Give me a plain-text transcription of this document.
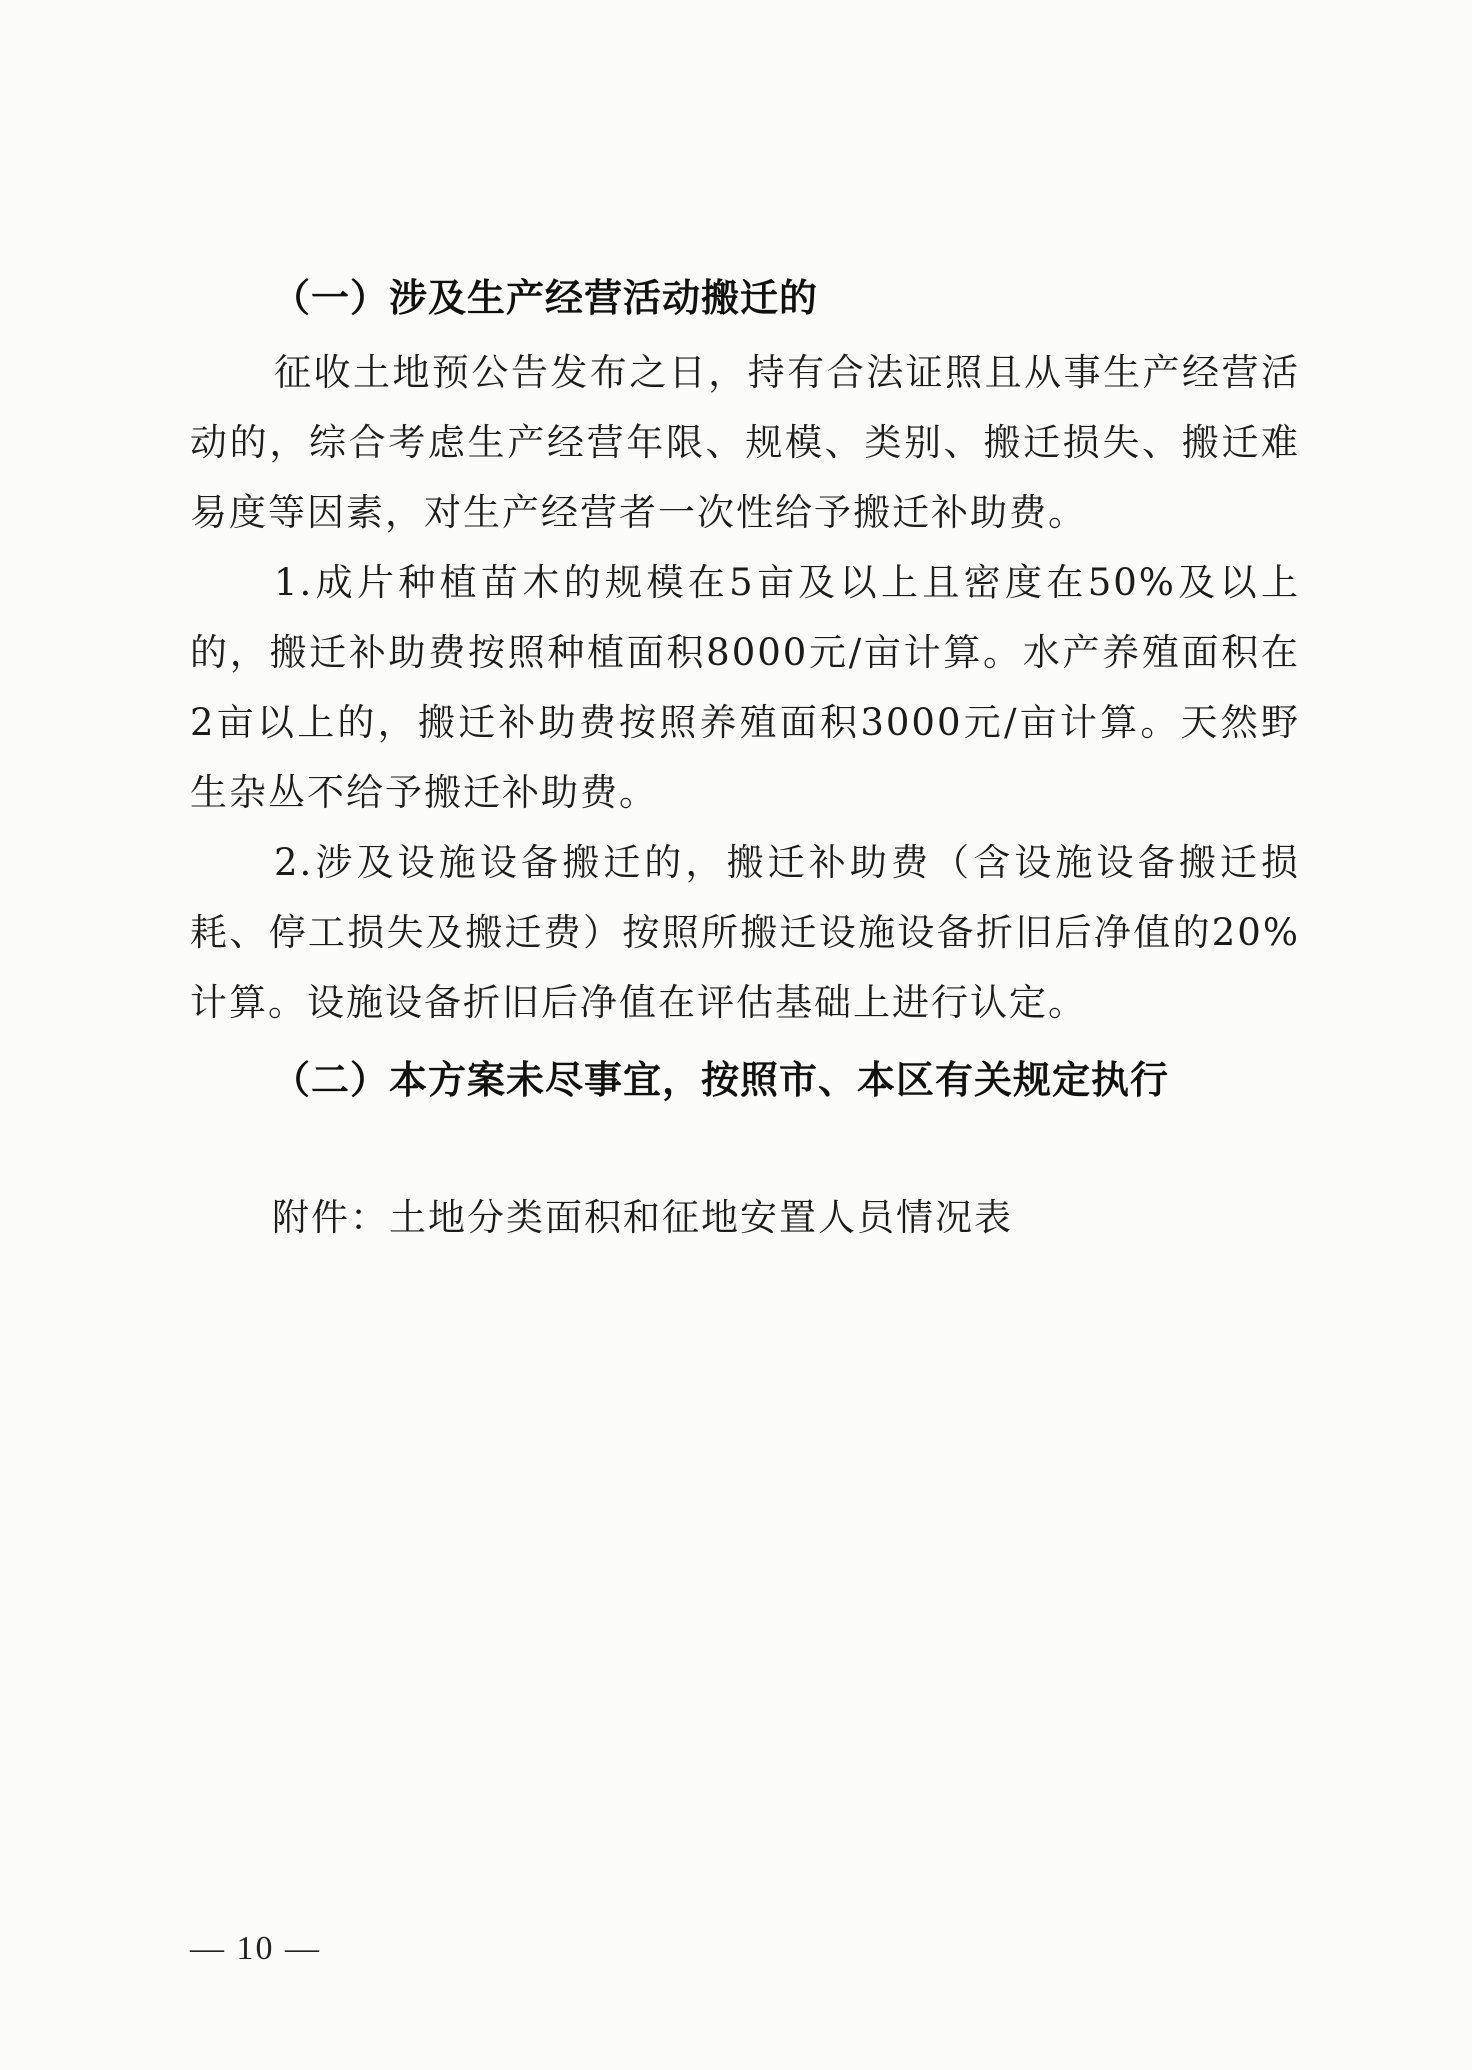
（一）涉及生产经营活动搬迁的

征收土地预公告发布之日，持有合法证照且从事生产经营活动的，综合考虑生产经营年限、规模、类别、搬迁损失、搬迁难易度等因素，对生产经营者一次性给予搬迁补助费。

1.成片种植苗木的规模在5亩及以上且密度在50%及以上的，搬迁补助费按照种植面积8000元/亩计算。水产养殖面积在2亩以上的，搬迁补助费按照养殖面积3000元/亩计算。天然野生杂丛不给予搬迁补助费。

2.涉及设施设备搬迁的，搬迁补助费（含设施设备搬迁损耗、停工损失及搬迁费）按照所搬迁设施设备折旧后净值的20%计算。设施设备折旧后净值在评估基础上进行认定。

（二）本方案未尽事宜，按照市、本区有关规定执行
附件：土地分类面积和征地安置人员情况表
— 10 —
